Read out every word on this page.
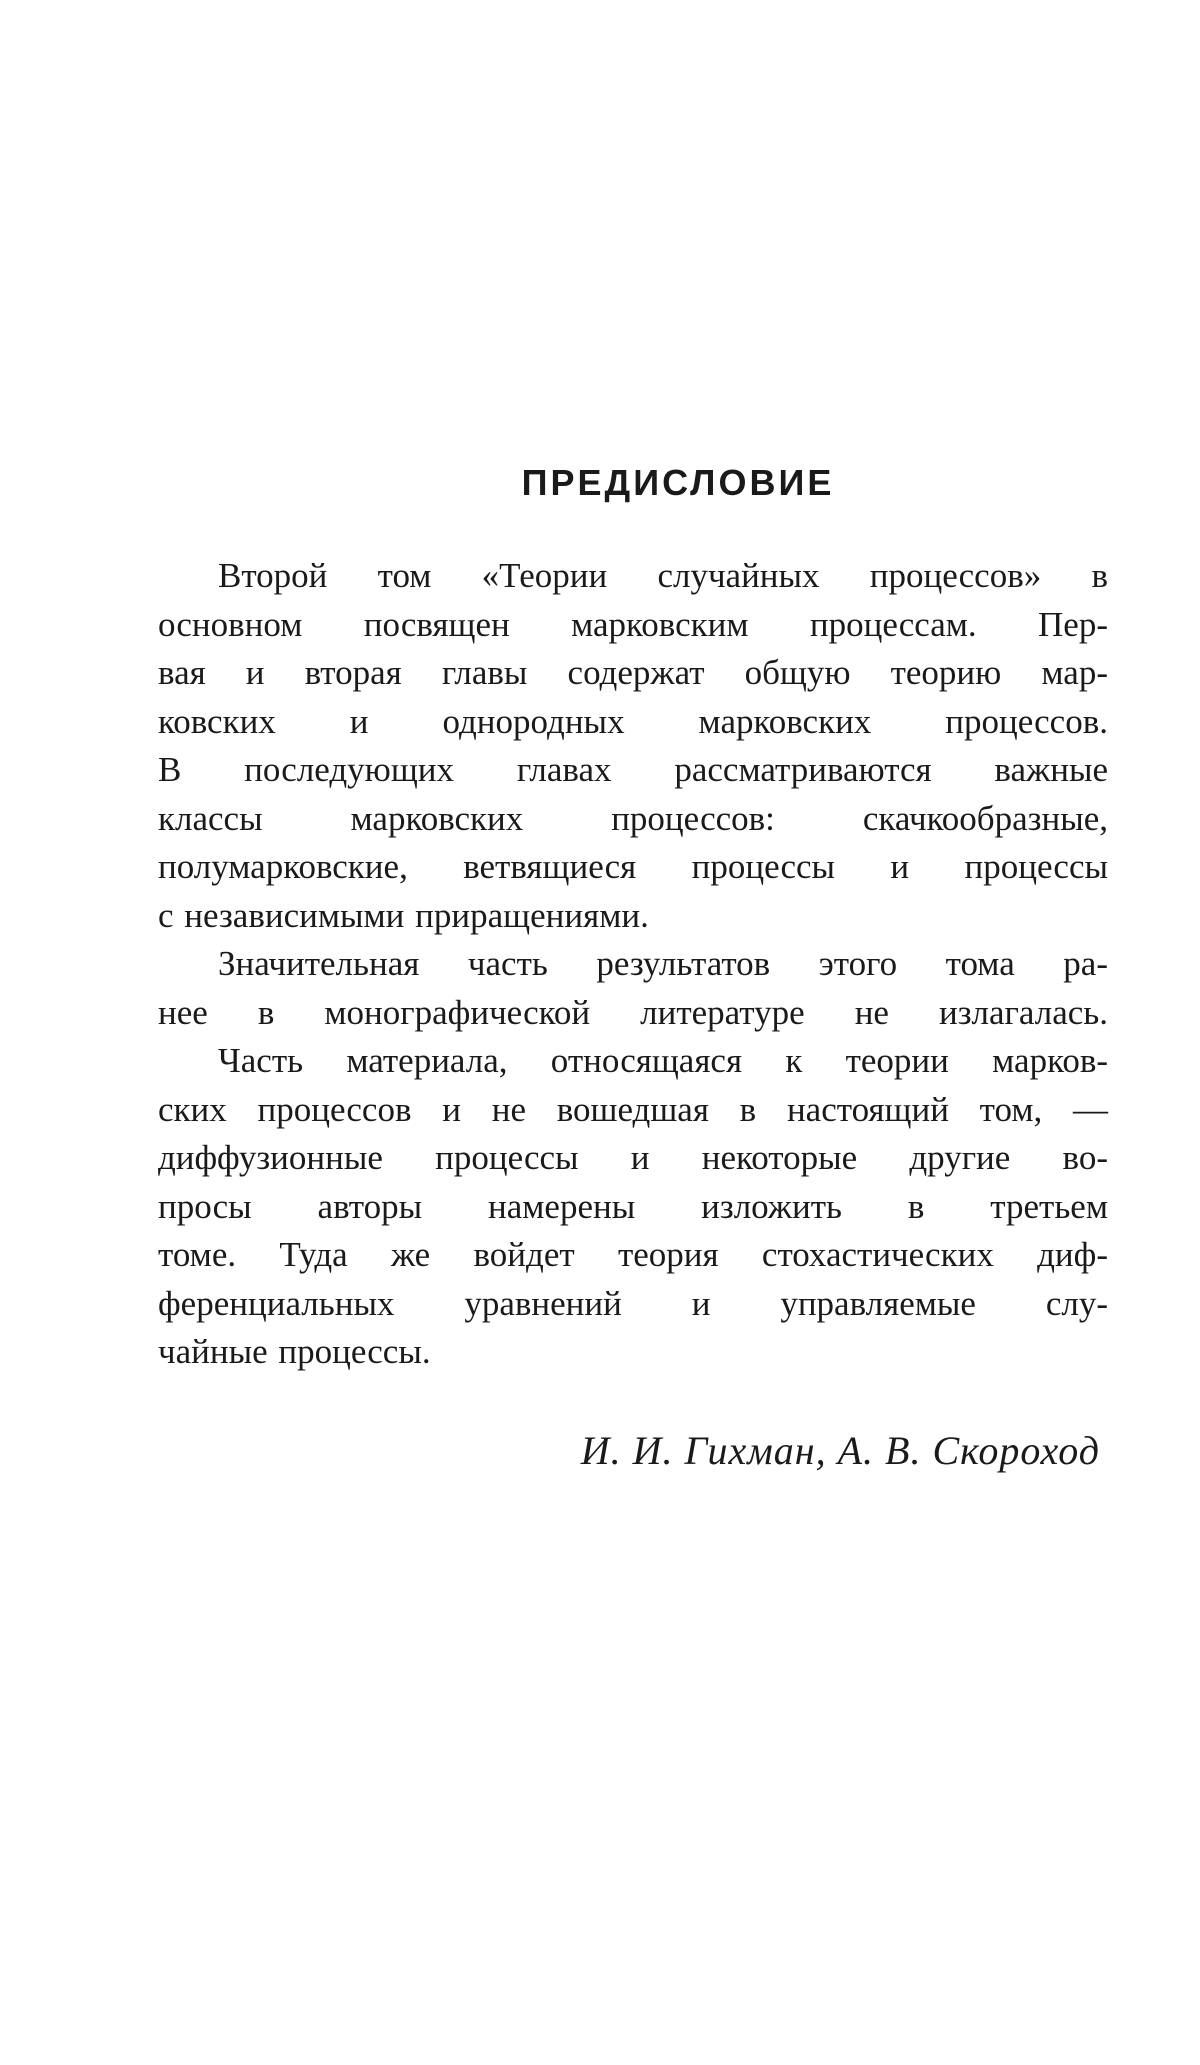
ПРЕДИСЛОВИЕ
Второй том «Теории случайных процессов» в
основном посвящен марковским процессам. Пер-
вая и вторая главы содержат общую теорию мар-
ковских и однородных марковских процессов.
В последующих главах рассматриваются важные
классы марковских процессов: скачкообразные,
полумарковские, ветвящиеся процессы и процессы
с независимыми приращениями.
Значительная часть результатов этого тома ра-
нее в монографической литературе не излагалась.
Часть материала, относящаяся к теории марков-
ских процессов и не вошедшая в настоящий том, —
диффузионные процессы и некоторые другие во-
просы авторы намерены изложить в третьем
томе. Туда же войдет теория стохастических диф-
ференциальных уравнений и управляемые слу-
чайные процессы.
И. И. Гихман, А. В. Скороход
